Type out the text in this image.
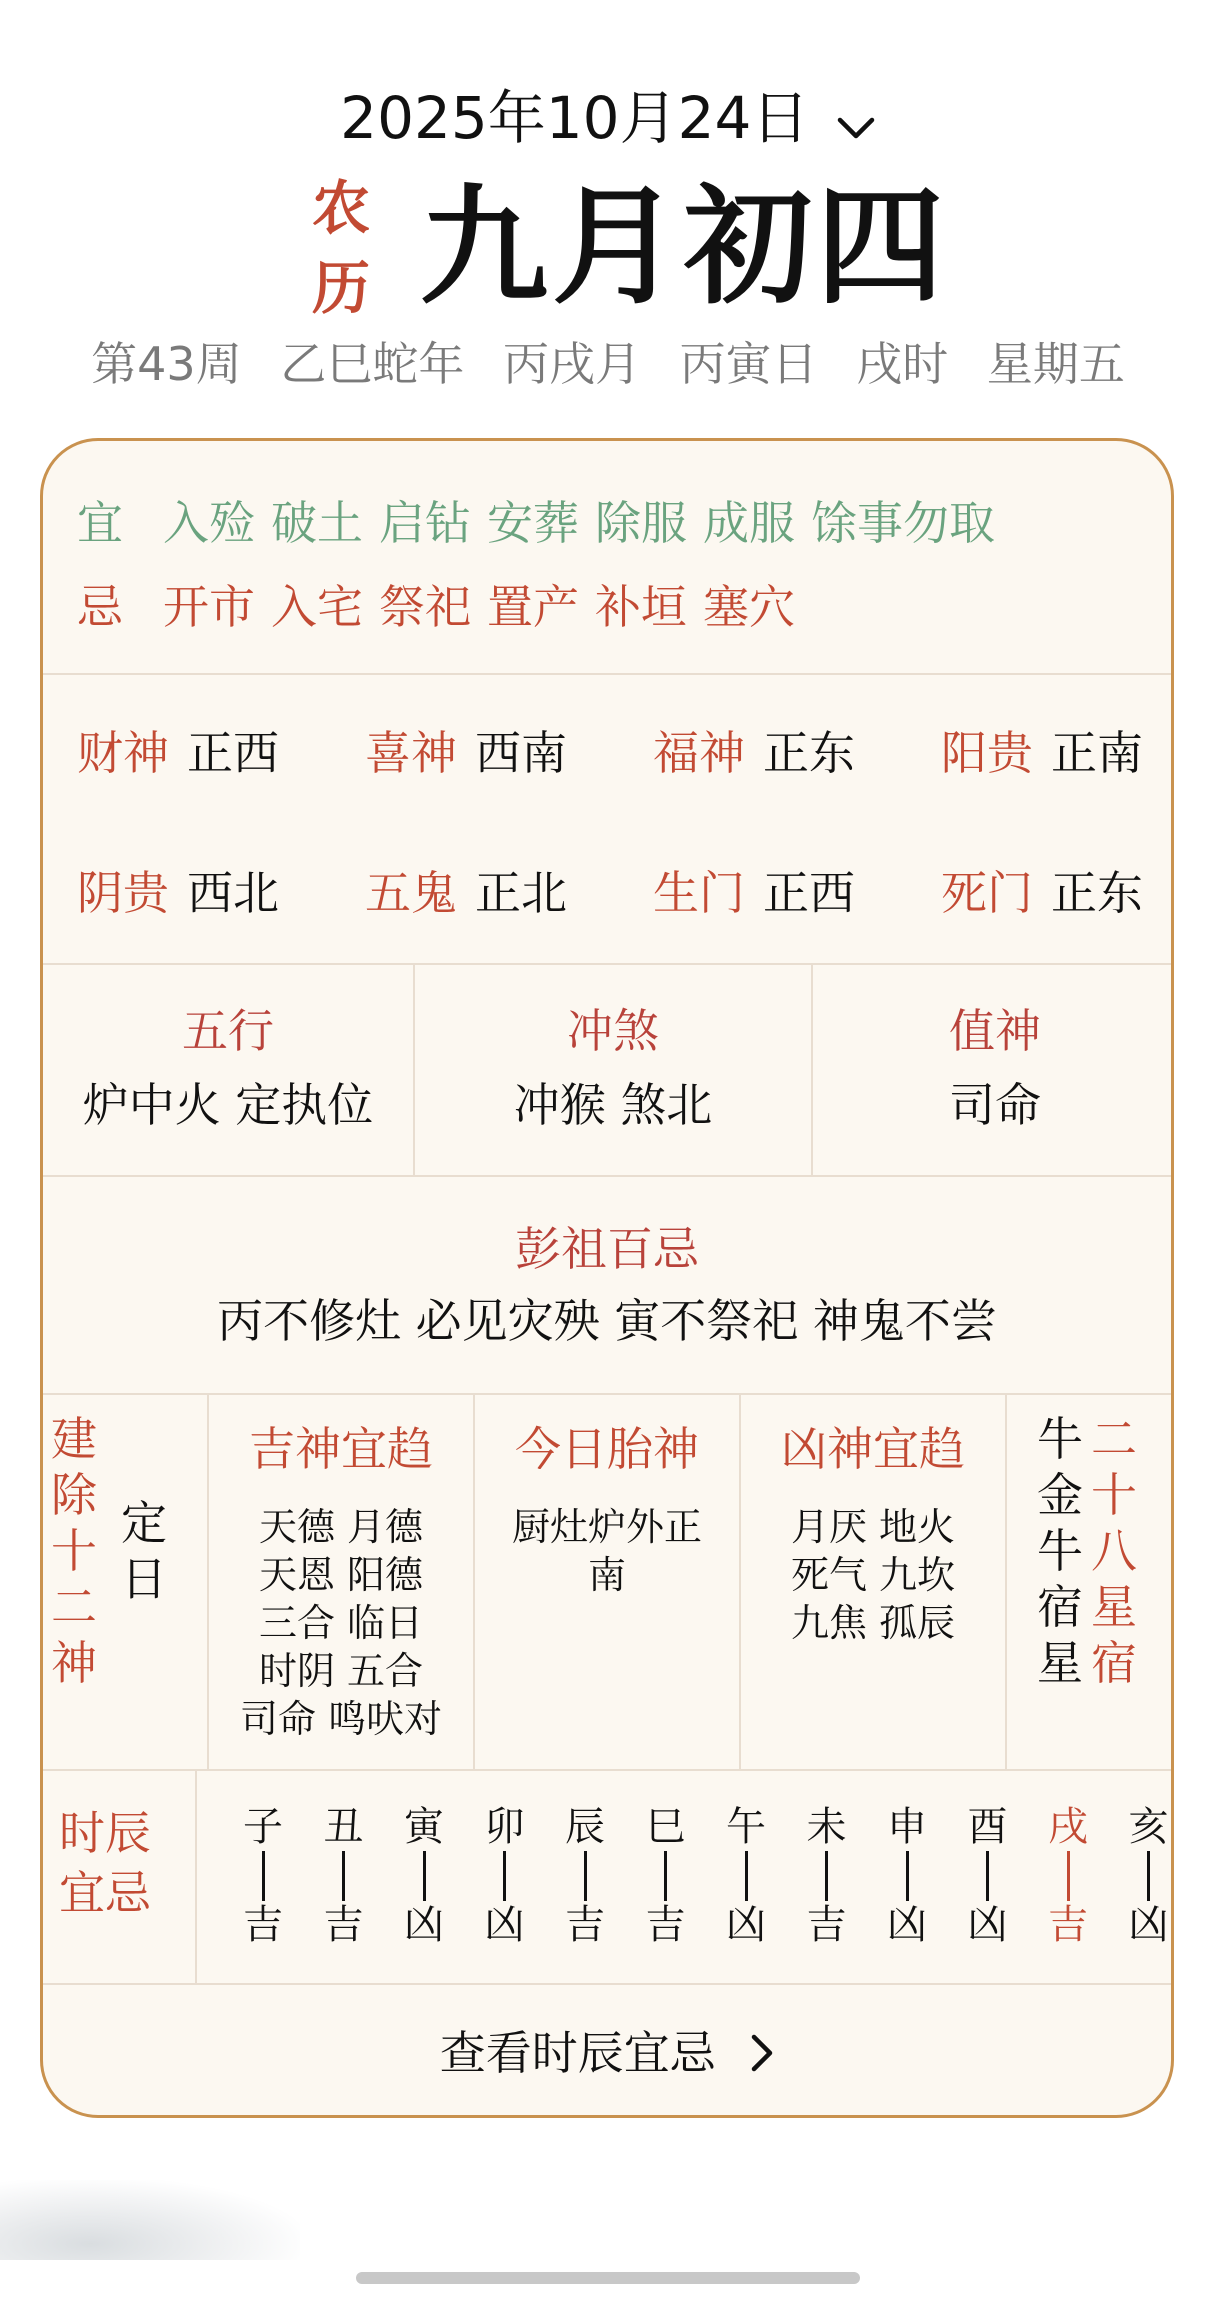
2025年10月24日
农
历 九月初四
第43周 乙巳蛇年 丙戌月 丙寅日 戌时 星期五
宜 入殓 破土 启钻 安葬 除服 成服 馀事勿取
忌 开市 入宅 祭祀 置产 补垣 塞穴
财神 正西 喜神 西南 福神 正东 阳贵 正南
阴贵 西北 五鬼 正北 生门 正西 死门 正东
五行
炉中火 定执位
冲煞
冲猴 煞北
值神
司命
彭祖百忌
丙不修灶 必见灾殃 寅不祭祀 神鬼不尝
建
除
十
二
神
定
日
吉神宜趋
天德 月德
天恩 阳德
三合 临日
时阴 五合
司命 鸣吠对
今日胎神
厨灶炉外正
南
凶神宜趋
月厌 地火
死气 九坎
九焦 孤辰
牛
金
牛
宿
星
二
十
八
星
宿
时辰
宜忌
子
吉
丑
吉
寅
凶
卯
凶
辰
吉
巳
吉
午
凶
未
吉
申
凶
酉
凶
戌
吉
亥
凶
查看时辰宜忌
